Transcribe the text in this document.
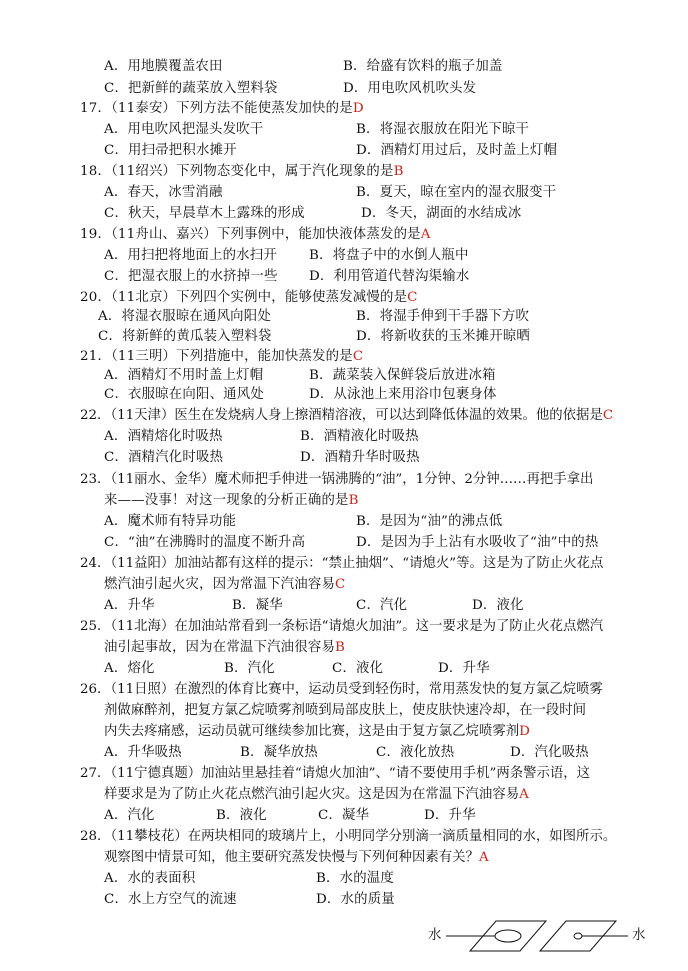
A．用地膜覆盖农田	B．给盛有饮料的瓶子加盖
C．把新鲜的蔬菜放入塑料袋	D．用电吹风机吹头发
17．（11泰安）下列方法不能使蒸发加快的是D
A．用电吹风把湿头发吹干	B．将湿衣服放在阳光下晾干
C．用扫帚把积水摊开	D．酒精灯用过后，及时盖上灯帽
18．（11绍兴）下列物态变化中，属于汽化现象的是B
A．春天，冰雪消融	B．夏天，晾在室内的湿衣服变干
C．秋天，早晨草木上露珠的形成	D．冬天，湖面的水结成冰
19．（11舟山、嘉兴）下列事例中，能加快液体蒸发的是A
A．用扫把将地面上的水扫开 B．将盘子中的水倒人瓶中
C．把湿衣服上的水挤掉一些 D．利用管道代替沟渠输水
20．（11北京）下列四个实例中，能够使蒸发减慢的是C
A．将湿衣服晾在通风向阳处	B．将湿手伸到干手器下方吹
C．将新鲜的黄瓜装入塑料袋	D．将新收获的玉米摊开晾晒
21．（11三明）下列措施中，能加快蒸发的是C
A．酒精灯不用时盖上灯帽	B．蔬菜装入保鲜袋后放进冰箱
C．衣服晾在向阳、通风处	D．从泳池上来用浴巾包裹身体
22．（11天津）医生在发烧病人身上擦酒精溶液，可以达到降低体温的效果。他的依据是C
A．酒精熔化时吸热	B．酒精液化时吸热
C．酒精汽化时吸热	D．酒精升华时吸热
23．（11丽水、金华）魔术师把手伸进一锅沸腾的“油”，1分钟、2分钟……再把手拿出
来——没事！对这一现象的分析正确的是B
A．魔术师有特异功能	B．是因为“油”的沸点低
C．“油”在沸腾时的温度不断升高	D．是因为手上沾有水吸收了“油”中的热
24．（11益阳）加油站都有这样的提示：“禁止抽烟”、“请熄火”等。这是为了防止火花点
燃汽油引起火灾，因为常温下汽油容易C
A．升华	B．凝华	C．汽化	D．液化
25．（11北海）在加油站常看到一条标语“请熄火加油”。这一要求是为了防止火花点燃汽
油引起事故，因为在常温下汽油很容易B
A．熔化	B．汽化	C．液化	D．升华
26．（11日照）在激烈的体育比赛中，运动员受到轻伤时，常用蒸发快的复方氯乙烷喷雾
剂做麻醉剂，把复方氯乙烷喷雾剂喷到局部皮肤上，使皮肤快速冷却，在一段时间
内失去疼痛感，运动员就可继续参加比赛，这是由于复方氯乙烷喷雾剂D
A．升华吸热	B．凝华放热	C．液化放热	D．汽化吸热
27．（11宁德真题）加油站里悬挂着“请熄火加油”、“请不要使用手机”两条警示语，这
样要求是为了防止火花点燃汽油引起火灾。这是因为在常温下汽油容易A
A．汽化	B．液化	C．凝华	D．升华
28．（11攀枝花）在两块相同的玻璃片上，小明同学分别滴一滴质量相同的水，如图所示。
观察图中情景可知，他主要研究蒸发快慢与下列何种因素有关？A
A．水的表面积	B．水的温度
C．水上方空气的流速	D．水的质量
水	水
